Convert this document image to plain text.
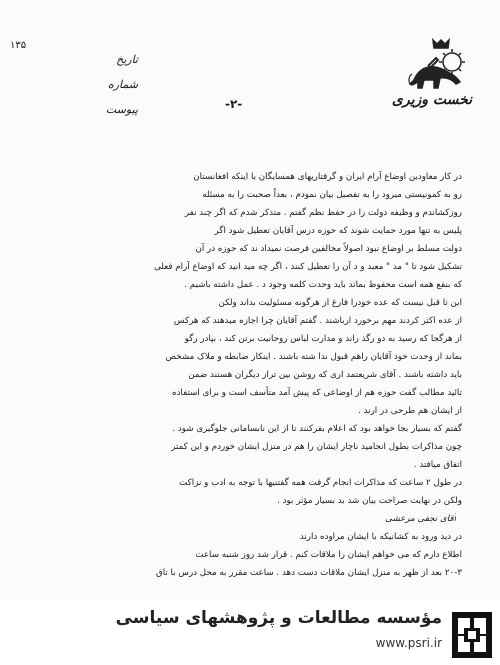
۱۳۵
تاریخ
شماره
پیوست
نخست وزیری
-۲-
در کار معاودین اوضاع آرام ایران و گرفتاریهای همسایگان با اینکه افغانستان
رو به کمونیستی میرود را به تفصیل بیان نمودم ، بعداً صحبت را به مسئله
روزکشاندم و وظیفه دولت را در حفظ نظم گفتم . متذکر شدم که اگر چند نفر
پلیس به تنها مورد حمایت شوند که حوزه درس آقایان تعطیل شود اگر
دولت مسلط بر اوضاع نبود اصولاً مخالفین فرصت نمیداد ند که حوزه در آن
تشکیل شود تا " مد " معبد و د آن را تعطیل کنند ، اگر چه مید انید که اوضاع آرام فعلی
که بنفع همه است محفوظ بماند باید وحدت کلمه وجود د . عمل داشته باشیم .
این تا قبل نیست که عده خودرا فارغ از هرگونه مسئولیت بداند ولکن
از عده اکثر کردند مهم برخورد ارباشند . گفتم آقایان چرا اجازه میدهند که هرکس
از هرگجا که رسید به دو رگذ راند و مدارت لباس روحانیت برتن کند ، بپادر رگو
بماند از وحدت خود آقایان راهم قبول ندا شته باشند . اینکار ضابطه و ملاک مشخص
باید داشته باشند . آقای شریعتمد اری که روشن بین تراز دیگران هستند ضمن
تائید مطالب گفت حوزه هم از اوضاعی که پیش آمد متأسف است و برای استفاده
از ایشان هم طرحی در ارند .
گفتم که بسیار بجا خواهد بود که اعلام بفرکنند تا از این نابسامانی جلوگیری شود .
چون مذاکرات بطول انجامید ناچار ایشان را هم در منزل ایشان خوردم و این کمتر
اتفاق میافتد .
در طول ۲ ساعت که مذاکرات انجام گرفت همه گفتنیها با توجه به ادب و نزاکت
ولکن در نهایت صراحت بیان شد بد بسیار مؤثر بود .
آقای نجفی مرعشی
در دید ورود به کشانیکه با ایشان مراوده دارند
اطلاع دارم که می خواهم ایشان را ملاقات کنم . قرار شد روز شنبه ساعت
۲۰-۳ بعد از ظهر به منزل ایشان ملاقات دست دهد . ساعت مقرر به محل درس با تاق
مؤسسه مطالعات و پژوهشهای سیاسی
www.psri.ir
